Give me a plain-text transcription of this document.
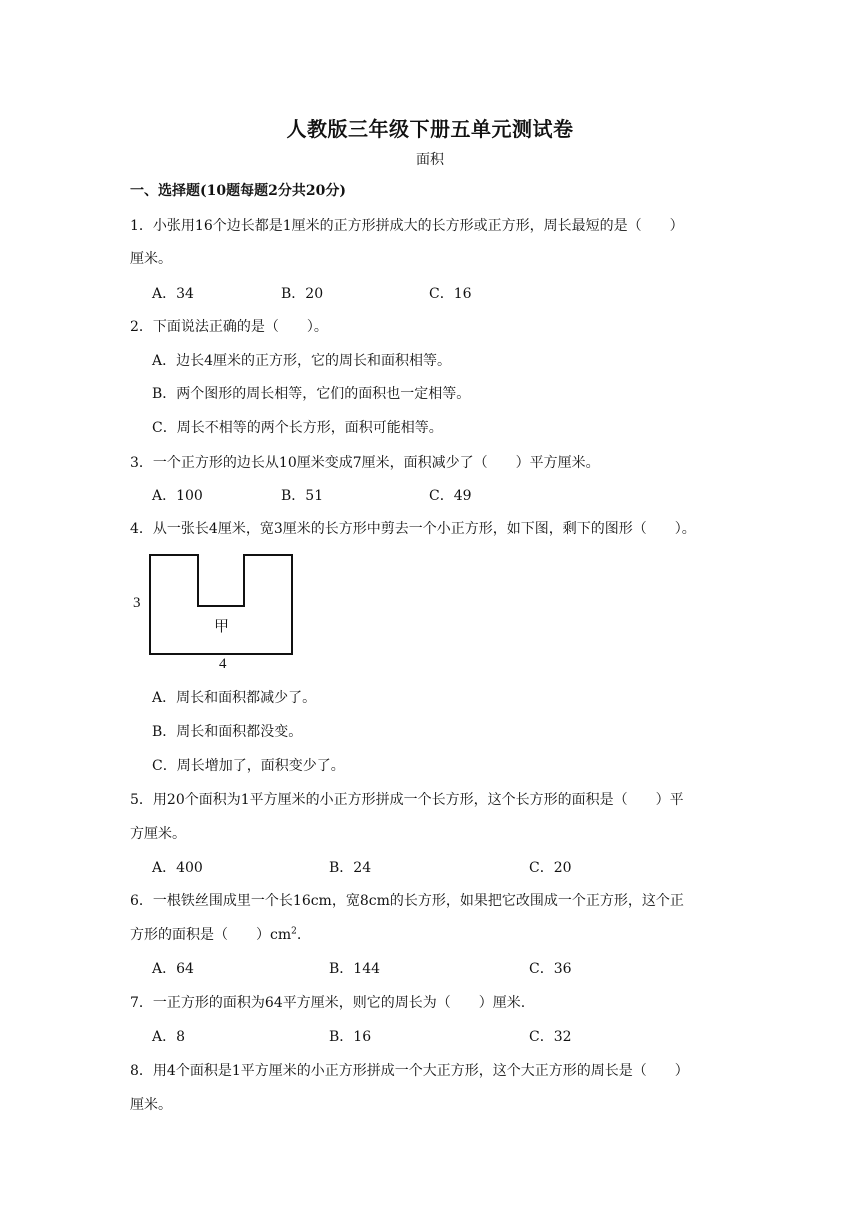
人教版三年级下册五单元测试卷
面积
一、选择题(10题每题2分共20分)
1．小张用16个边长都是1厘米的正方形拼成大的长方形或正方形，周长最短的是（　　）
厘米。
A．34	B．20	C．16
2．下面说法正确的是（　　）。
A．边长4厘米的正方形，它的周长和面积相等。
B．两个图形的周长相等，它们的面积也一定相等。
C．周长不相等的两个长方形，面积可能相等。
3．一个正方形的边长从10厘米变成7厘米，面积减少了（　　）平方厘米。
A．100	B．51	C．49
4．从一张长4厘米，宽3厘米的长方形中剪去一个小正方形，如下图，剩下的图形（　　）。
3
4
甲
A．周长和面积都减少了。
B．周长和面积都没变。
C．周长增加了，面积变少了。
5．用20个面积为1平方厘米的小正方形拼成一个长方形，这个长方形的面积是（　　）平
方厘米。
A．400	B．24	C．20
6．一根铁丝围成里一个长16cm，宽8cm的长方形，如果把它改围成一个正方形，这个正
方形的面积是（　　）$cm^2$.
A．64	B．144	C．36
7．一正方形的面积为64平方厘米，则它的周长为（　　）厘米.
A．8	B．16	C．32
8．用4个面积是1平方厘米的小正方形拼成一个大正方形，这个大正方形的周长是（　　）
厘米。
